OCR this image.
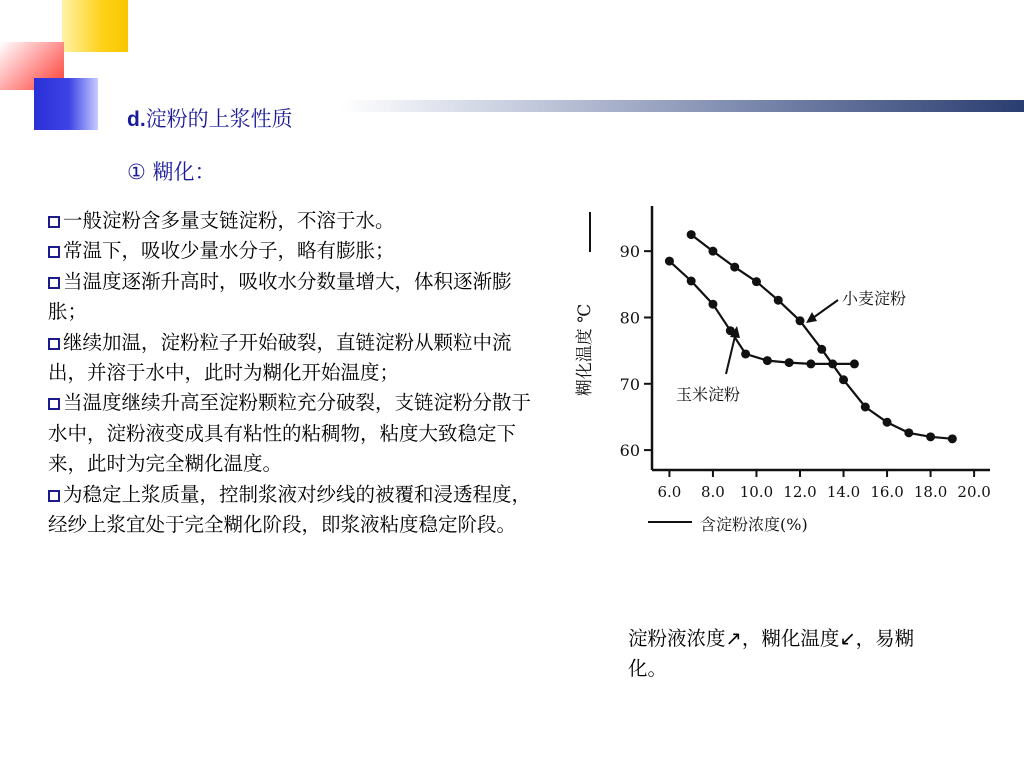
d.淀粉的上浆性质
① 糊化：

一般淀粉含多量支链淀粉，不溶于水。

常温下，吸收少量水分子，略有膨胀；

当温度逐渐升高时，吸收水分数量增大，体积逐渐膨胀；

继续加温，淀粉粒子开始破裂，直链淀粉从颗粒中流出，并溶于水中，此时为糊化开始温度；

当温度继续升高至淀粉颗粒充分破裂，支链淀粉分散于水中，淀粉液变成具有粘性的粘稠物，粘度大致稳定下来，此时为完全糊化温度。

为稳定上浆质量，控制浆液对纱线的被覆和浸透程度，经纱上浆宜处于完全糊化阶段，即浆液粘度稳定阶段。

60
70
80
90
6.0 8.0 10.0 12.0 14.0 16.0 18.0 20.0
糊化温度 ℃
含淀粉浓度(%)
小麦淀粉
玉米淀粉
淀粉液浓度↗，糊化温度↙，易糊化。
